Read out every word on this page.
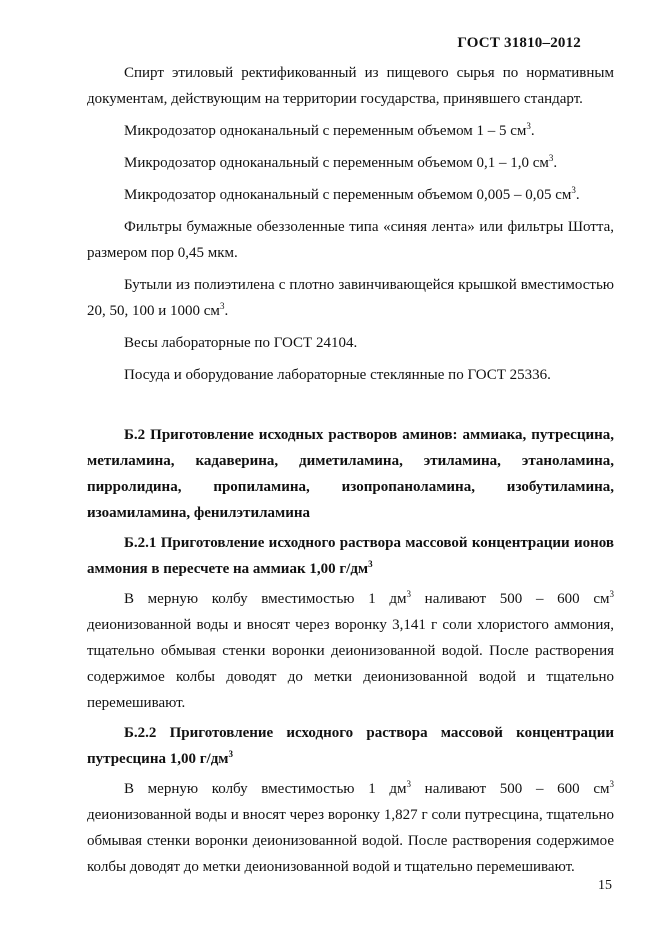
ГОСТ 31810–2012

Спирт этиловый ректификованный из пищевого сырья по нормативным документам, действующим на территории государства, принявшего стандарт.

Микродозатор одноканальный с переменным объемом 1 – 5 $см^3$.

Микродозатор одноканальный с переменным объемом 0,1 – 1,0 $см^3$.

Микродозатор одноканальный с переменным объемом 0,005 – 0,05 $см^3$.

Фильтры бумажные обеззоленные типа «синяя лента» или фильтры Шотта, размером пор 0,45 мкм.

Бутыли из полиэтилена с плотно завинчивающейся крышкой вместимостью 20, 50, 100 и 1000 $см^3$.

Весы лабораторные по ГОСТ 24104.

Посуда и оборудование лабораторные стеклянные по ГОСТ 25336.

Б.2 Приготовление исходных растворов аминов: аммиака, путресцина, метиламина, кадаверина, диметиламина, этиламина, этаноламина, пирролидина, пропиламина, изопропаноламина, изобутиламина, изоамиламина, фенилэтиламина
Б.2.1 Приготовление исходного раствора массовой концентрации ионов аммония в пересчете на аммиак 1,00 $г/дм^3$

В мерную колбу вместимостью 1 $дм^3$ наливают 500 – 600 $см^3$ деионизованной воды и вносят через воронку 3,141 г соли хлористого аммония, тщательно обмывая стенки воронки деионизованной водой. После растворения содержимое колбы доводят до метки деионизованной водой и тщательно перемешивают.

Б.2.2 Приготовление исходного раствора массовой концентрации путресцина 1,00 $г/дм^3$

В мерную колбу вместимостью 1 $дм^3$ наливают 500 – 600 $см^3$ деионизованной воды и вносят через воронку 1,827 г соли путресцина, тщательно обмывая стенки воронки деионизованной водой. После растворения содержимое колбы доводят до метки деионизованной водой и тщательно перемешивают.

15
